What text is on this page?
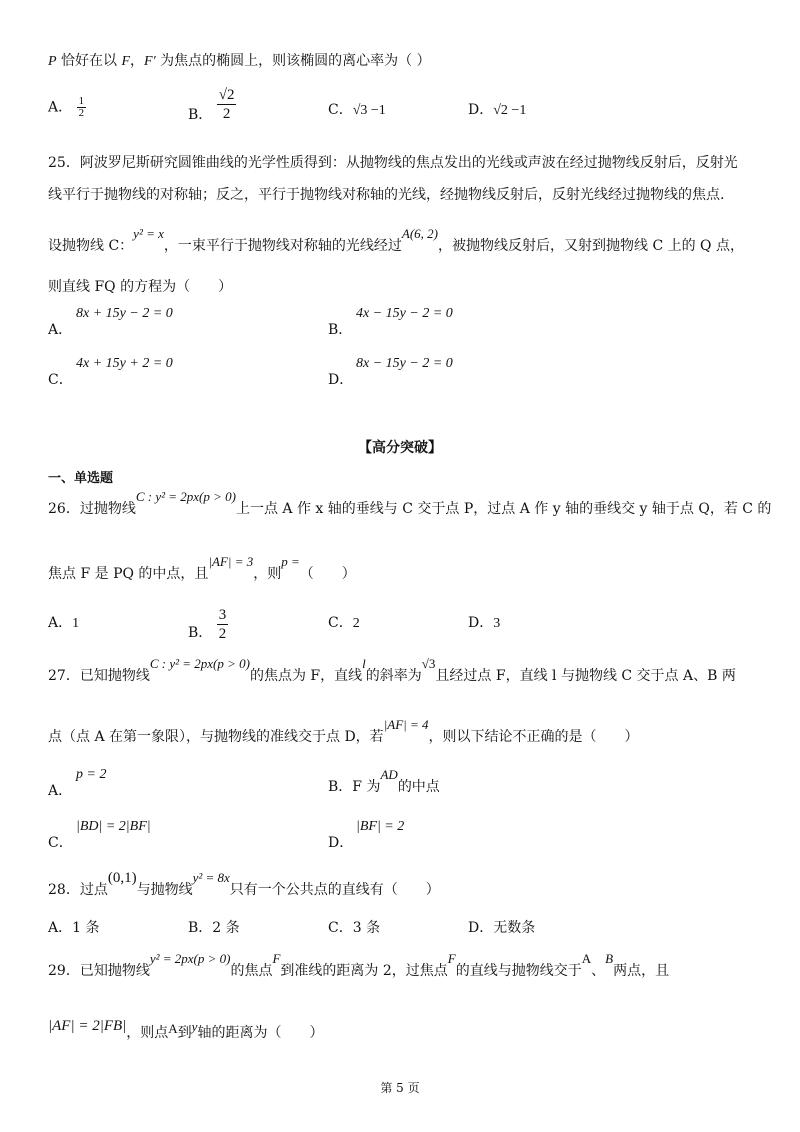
P 恰好在以 F，F′ 为焦点的椭圆上，则该椭圆的离心率为（ ）
A． $\frac{1}{2}$	B． $\frac{√2}{2}$	C．√3 −1	D．√2 −1
25．阿波罗尼斯研究圆锥曲线的光学性质得到：从抛物线的焦点发出的光线或声波在经过抛物线反射后，反射光
线平行于抛物线的对称轴；反之，平行于抛物线对称轴的光线，经抛物线反射后，反射光线经过抛物线的焦点.
设抛物线 C：y² = x，一束平行于抛物线对称轴的光线经过A(6, 2)，被抛物线反射后，又射到抛物线 C 上的 Q 点，
则直线 FQ 的方程为（　　）
8x + 15y − 2 = 0
A．
4x − 15y − 2 = 0
B．
4x + 15y + 2 = 0
C．
8x − 15y − 2 = 0
D．
【高分突破】
一、单选题
26．过抛物线C : y² = 2px(p > 0)上一点 A 作 x 轴的垂线与 C 交于点 P，过点 A 作 y 轴的垂线交 y 轴于点 Q，若 C 的
焦点 F 是 PQ 的中点，且|AF| = 3，则p =（　　）
A．1
B． $\frac{3}{2}$	C．2	D．3
27．已知抛物线C : y² = 2px(p > 0)的焦点为 F，直线l的斜率为√3且经过点 F，直线 l 与抛物线 C 交于点 A、B 两
点（点 A 在第一象限），与抛物线的准线交于点 D，若|AF| = 4，则以下结论不正确的是（　　）
p = 2
A．	B．F 为AD的中点
|BD| = 2|BF|
C．
|BF| = 2
D．
28．过点(0,1)与抛物线y² = 8x只有一个公共点的直线有（　　）
A．1 条	B．2 条	C．3 条	D．无数条
29．已知抛物线y² = 2px(p > 0)的焦点F到准线的距离为 2，过焦点F的直线与抛物线交于A、B两点，且
|AF| = 2|FB|，则点A到y轴的距离为（　　）
第 5 页
